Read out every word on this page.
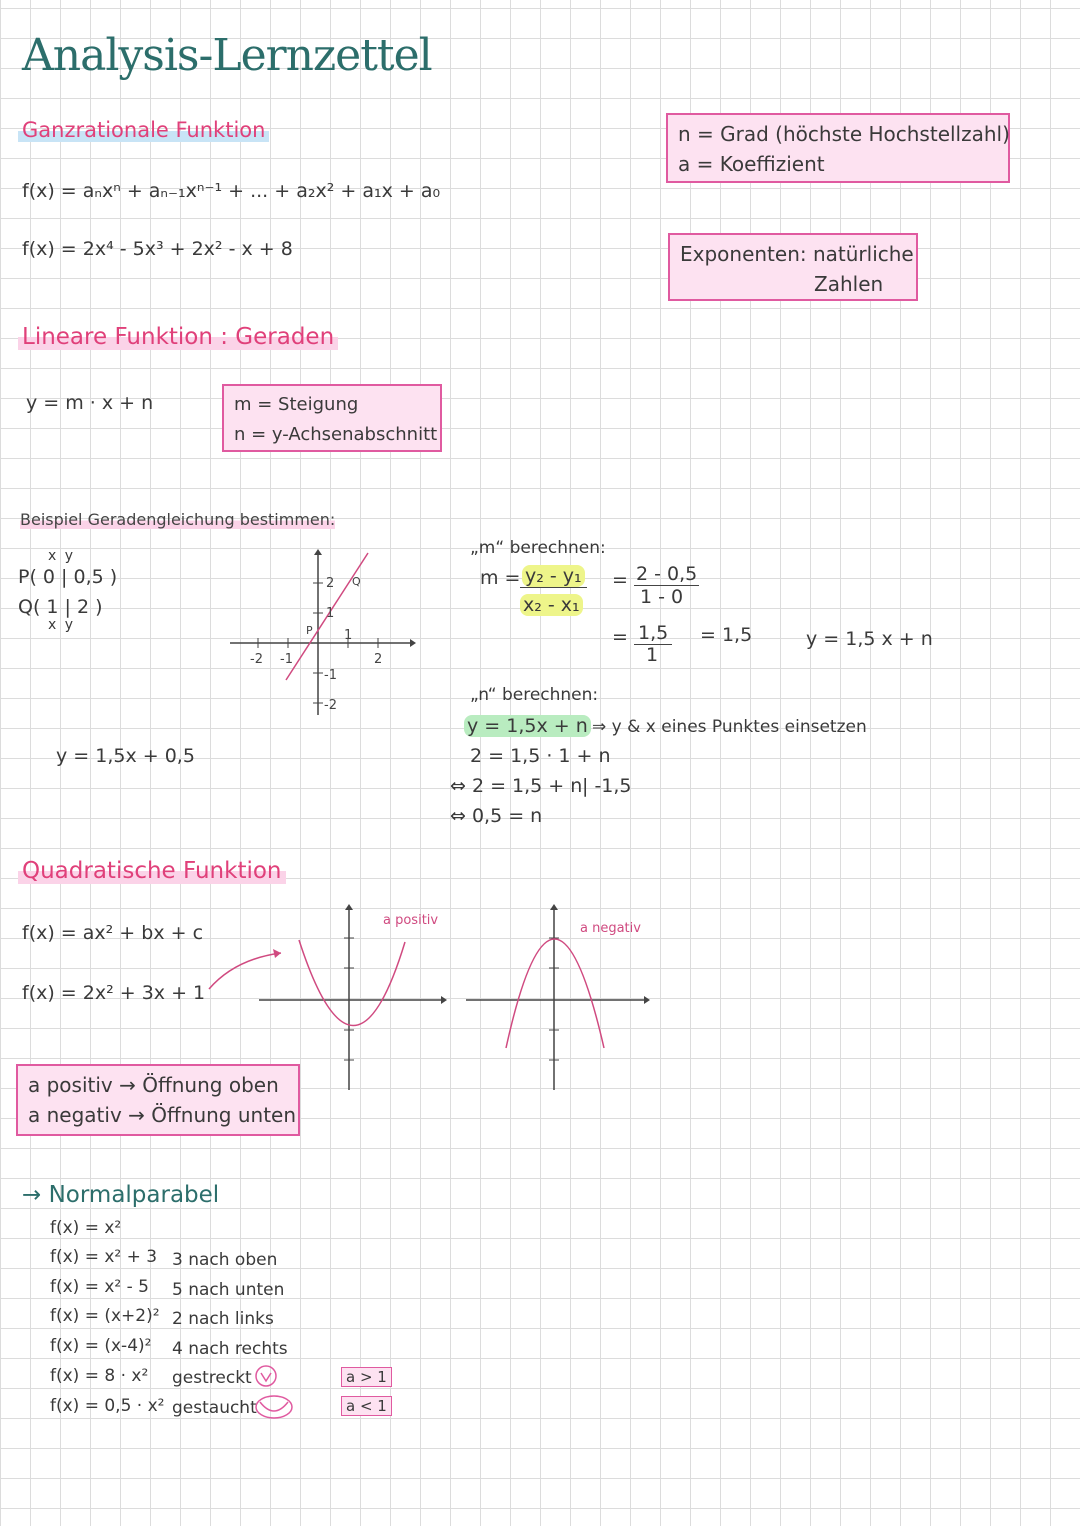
Analysis-Lernzettel
Ganzrationale Funktion
f(x) = aₙxⁿ + aₙ₋₁xⁿ⁻¹ + ... + a₂x² + a₁x + a₀
f(x) = 2x⁴ - 5x³ + 2x² - x + 8
n = Grad (höchste Hochstellzahl)
a = Koeffizient
Exponenten: natürliche
Zahlen
Lineare Funktion : Geraden
y = m · x + n	m = Steigung
n = y-Achsenabschnitt
Beispiel Geradengleichung bestimmen:
x y
P( 0 | 0,5 )
Q( 1 | 2 )
x y
y = 1,5x + 0,5
-2 -1
1
2
2
1
-1
-2
P
Q
„m“ berechnen:
m = y₂ - y₁
x₂ - x₁
= 2 - 0,5
1 - 0
= 1,5
1
= 1,5	y = 1,5 x + n
„n“ berechnen:
y = 1,5x + n ⇒ y & x eines Punktes einsetzen
2 = 1,5 · 1 + n
⇔ 2 = 1,5 + n | -1,5
⇔ 0,5 = n
Quadratische Funktion
f(x) = ax² + bx + c
f(x) = 2x² + 3x + 1
a positiv
a negativ
a positiv → Öffnung oben
a negativ → Öffnung unten
→ Normalparabel
f(x) = x²
f(x) = x² + 3 3 nach oben
f(x) = x² - 5 5 nach unten
f(x) = (x+2)² 2 nach links
f(x) = (x-4)² 4 nach rechts
f(x) = 8 · x² gestreckt
f(x) = 0,5 · x² gestaucht
a > 1
a < 1
